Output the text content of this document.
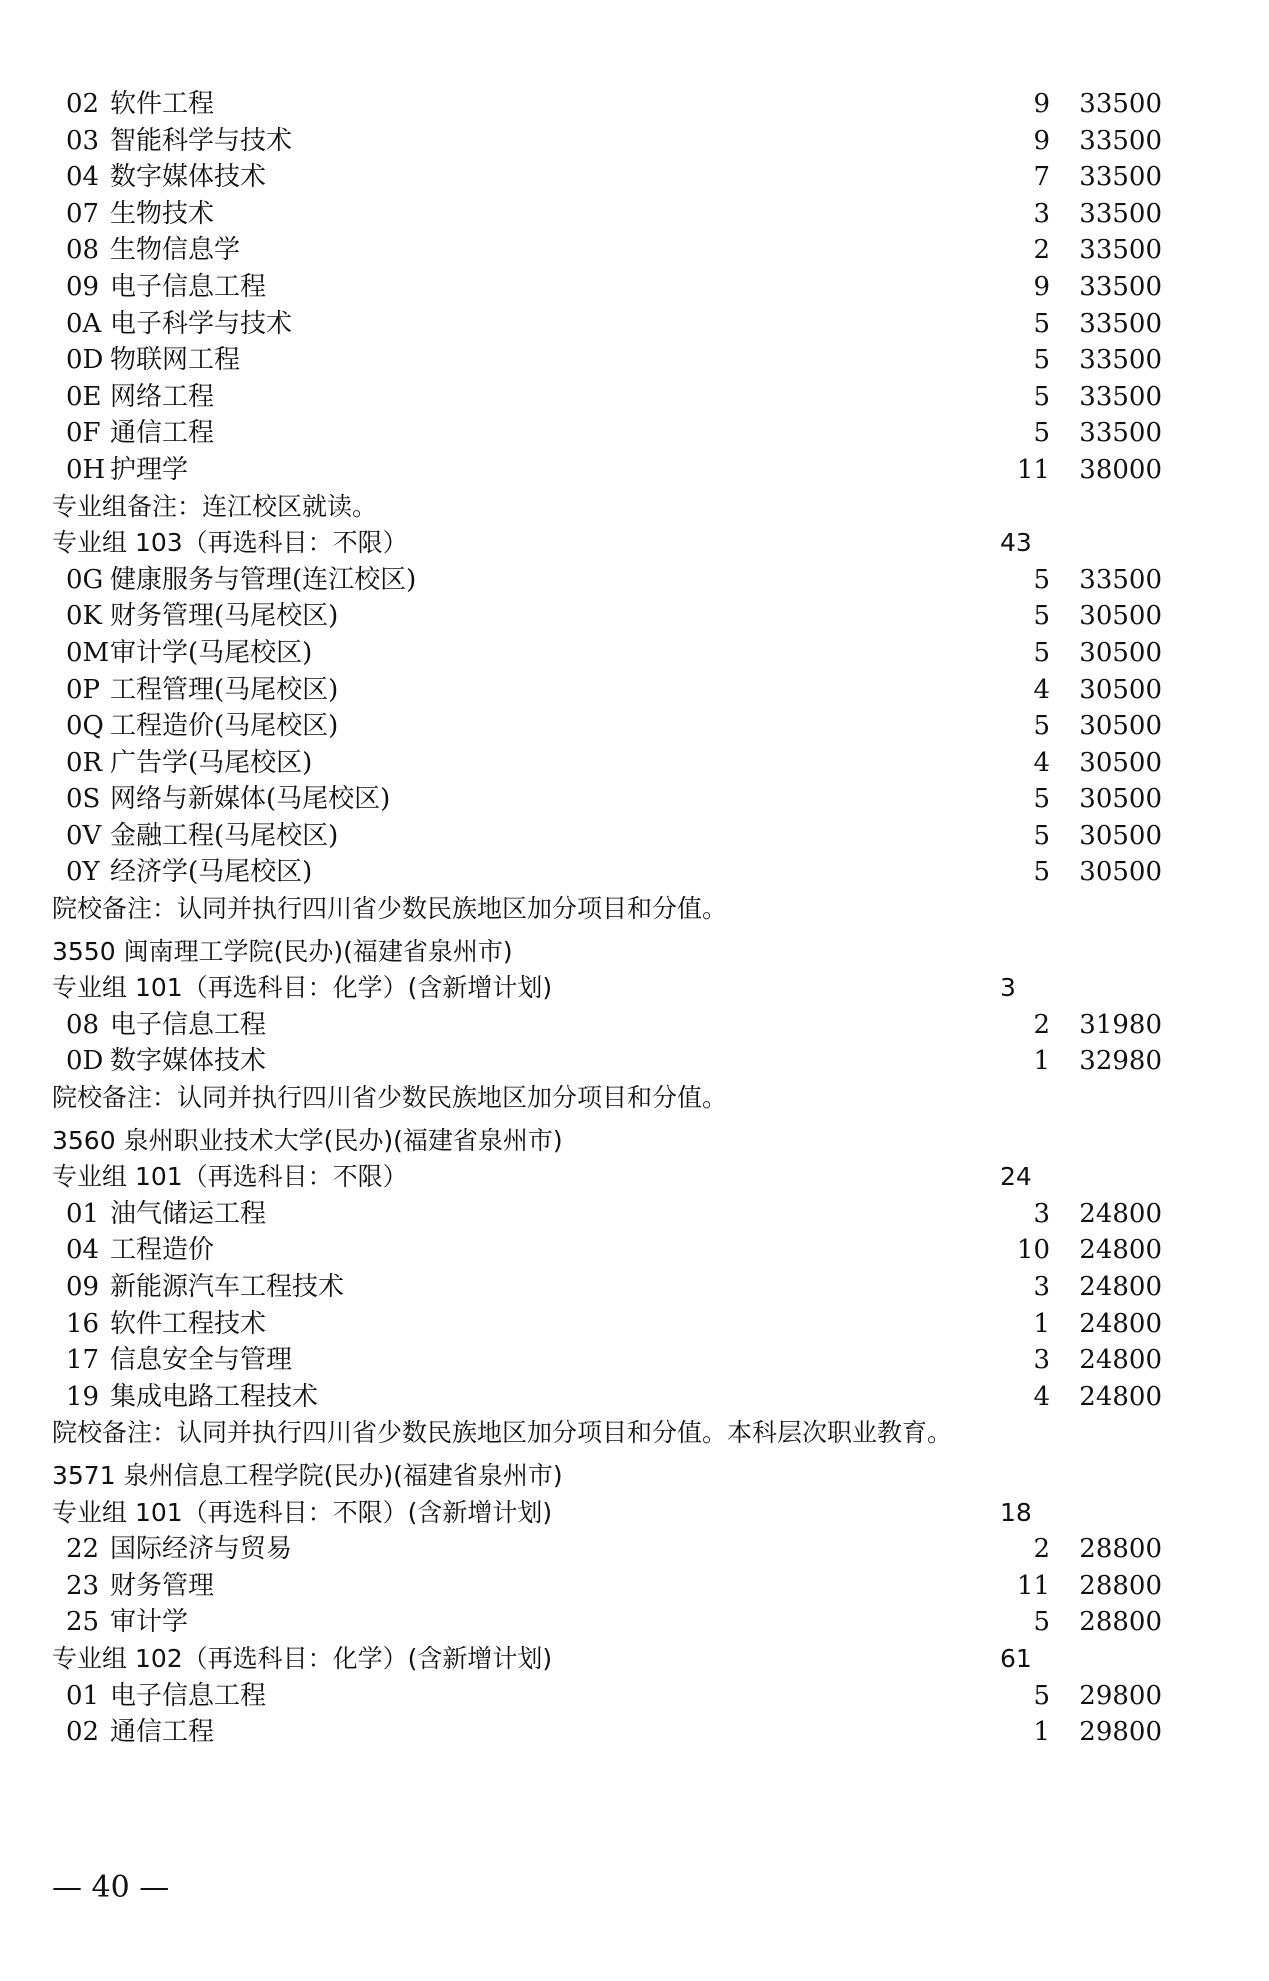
02 软件工程	9	33500
03 智能科学与技术	9	33500
04 数字媒体技术	7	33500
07 生物技术	3	33500
08 生物信息学	2	33500
09 电子信息工程	9	33500
0A 电子科学与技术	5	33500
0D 物联网工程	5	33500
0E 网络工程	5	33500
0F 通信工程	5	33500
0H 护理学	11	38000
专业组备注：连江校区就读。
专业组 103（再选科目：不限）	43
0G 健康服务与管理(连江校区)	5	33500
0K 财务管理(马尾校区)	5	30500
0M 审计学(马尾校区)	5	30500
0P 工程管理(马尾校区)	4	30500
0Q 工程造价(马尾校区)	5	30500
0R 广告学(马尾校区)	4	30500
0S 网络与新媒体(马尾校区)	5	30500
0V 金融工程(马尾校区)	5	30500
0Y 经济学(马尾校区)	5	30500
院校备注：认同并执行四川省少数民族地区加分项目和分值。
3550 闽南理工学院(民办)(福建省泉州市)
专业组 101（再选科目：化学）(含新增计划)	3
08 电子信息工程	2	31980
0D 数字媒体技术	1	32980
院校备注：认同并执行四川省少数民族地区加分项目和分值。
3560 泉州职业技术大学(民办)(福建省泉州市)
专业组 101（再选科目：不限）	24
01 油气储运工程	3	24800
04 工程造价	10	24800
09 新能源汽车工程技术	3	24800
16 软件工程技术	1	24800
17 信息安全与管理	3	24800
19 集成电路工程技术	4	24800
院校备注：认同并执行四川省少数民族地区加分项目和分值。本科层次职业教育。
3571 泉州信息工程学院(民办)(福建省泉州市)
专业组 101（再选科目：不限）(含新增计划)	18
22 国际经济与贸易	2	28800
23 财务管理	11	28800
25 审计学	5	28800
专业组 102（再选科目：化学）(含新增计划)	61
01 电子信息工程	5	29800
02 通信工程	1	29800
— 40 —
